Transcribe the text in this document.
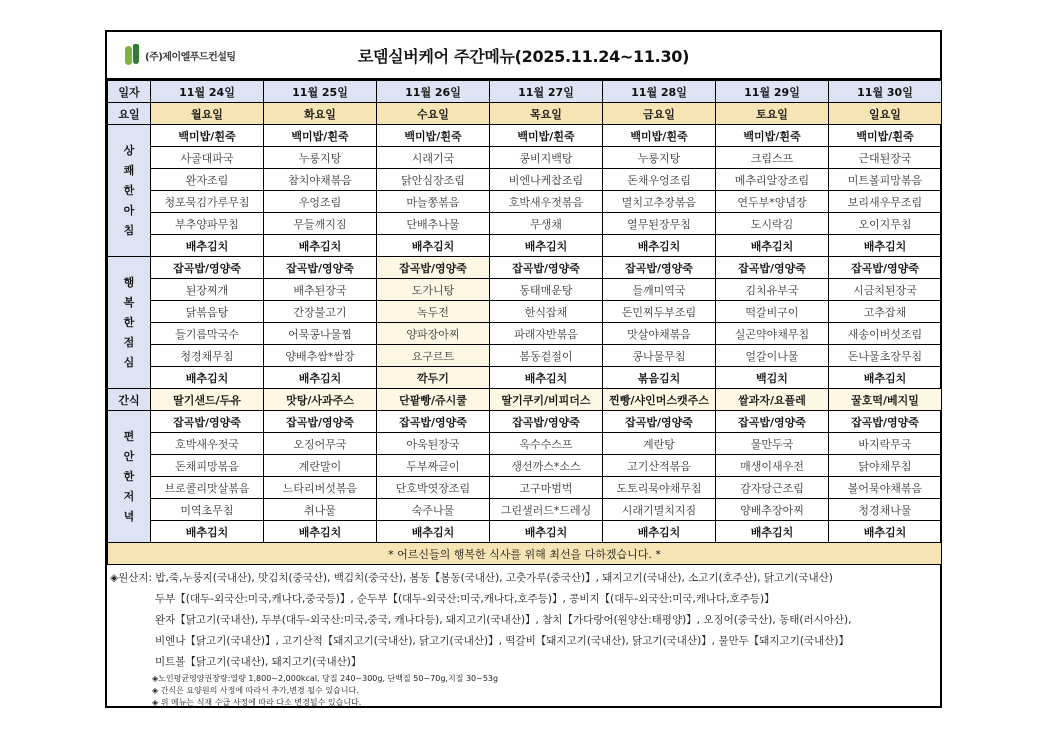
(주)제이엘푸드컨설팅	로뎀실버케어 주간메뉴(2025.11.24~11.30)
일자	11월 24일	11월 25일	11월 26일	11월 27일	11월 28일	11월 29일	11월 30일
요일	월요일	화요일	수요일	목요일	금요일	토요일	일요일
상
쾌
한
아
침	백미밥/흰죽	백미밥/흰죽	백미밥/흰죽	백미밥/흰죽	백미밥/흰죽	백미밥/흰죽	백미밥/흰죽
	사골대파국	누룽지탕	시래기국	콩비지백탕	누룽지탕	크림스프	근대된장국
	완자조림	참치야채볶음	닭안심장조림	비엔나케찹조림	돈채우엉조림	메추리알장조림	미트볼피망볶음
	청포묵김가루무침	우엉조림	마늘쫑볶음	호박새우젓볶음	멸치고추장볶음	연두부*양념장	보리새우무조림
	부추양파무침	무들깨지짐	단배추나물	무생채	열무된장무침	도시락김	오이지무침
	배추김치	배추김치	배추김치	배추김치	배추김치	배추김치	배추김치
행
복
한
점
심	잡곡밥/영양죽	잡곡밥/영양죽	잡곡밥/영양죽	잡곡밥/영양죽	잡곡밥/영양죽	잡곡밥/영양죽	잡곡밥/영양죽
	된장찌개	배추된장국	도가니탕	동태매운탕	들깨미역국	김치유부국	시금치된장국
	닭볶음탕	간장불고기	녹두전	한식잡채	돈민찌두부조림	떡갈비구이	고추잡채
	들기름막국수	어묵콩나물찜	양파장아찌	파래자반볶음	맛살야채볶음	실곤약야채무침	새송이버섯조림
	청경채무침	양배추쌈*쌈장	요구르트	봄동겉절이	콩나물무침	얼갈이나물	돈나물초장무침
	배추김치	배추김치	깍두기	배추김치	볶음김치	백김치	배추김치
간식	딸기샌드/두유	맛탕/사과주스	단팥빵/쥬시쿨	딸기쿠키/비피더스	찐빵/샤인머스캣주스	쌀과자/요플레	꿀호떡/베지밀
편
안
한
저
녁	잡곡밥/영양죽	잡곡밥/영양죽	잡곡밥/영양죽	잡곡밥/영양죽	잡곡밥/영양죽	잡곡밥/영양죽	잡곡밥/영양죽
	호박새우젓국	오징어무국	아욱된장국	옥수수스프	계란탕	물만두국	바지락무국
	돈채피망볶음	계란말이	두부짜글이	생선까스*소스	고기산적볶음	매생이새우전	닭야채무침
	브로콜리맛살볶음	느타리버섯볶음	단호박엿장조림	고구마범벅	도토리묵야채무침	감자당근조림	볼어묵야채볶음
	미역초무침	취나물	숙주나물	그린샐러드*드레싱	시래기멸치지짐	양배추장아찌	청경채나물
	배추김치	배추김치	배추김치	배추김치	배추김치	배추김치	배추김치
* 어르신들의 행복한 식사를 위해 최선을 다하겠습니다. *							
◈원산지: 밥,죽,누룽지(국내산), 맛김치(중국산), 백김치(중국산), 봄동【봄동(국내산), 고춧가루(중국산)】, 돼지고기(국내산), 소고기(호주산), 닭고기(국내산)
두부【(대두-외국산:미국,캐나다,중국등)】, 순두부【(대두-외국산:미국,캐나다,호주등)】, 콩비지【(대두-외국산:미국,캐나다,호주등)】
완자【닭고기(국내산), 두부(대두-외국산:미국,중국, 캐나다등), 돼지고기(국내산)】, 참치【가다랑어(원양산:태평양)】, 오징어(중국산), 동태(러시아산),
비엔나【닭고기(국내산)】, 고기산적【돼지고기(국내산), 닭고기(국내산)】, 떡갈비【돼지고기(국내산), 닭고기(국내산)】, 물만두【돼지고기(국내산)】
미트볼【닭고기(국내산), 돼지고기(국내산)】
◈노인평균영양권장량:열량 1,800~2,000kcal, 당질 240~300g, 단백질 50~70g,지질 30~53g
◈ 간식은 요양원의 사정에 따라서 추가,변경 될수 있습니다.
◈ 위 메뉴는 식재 수급 사정에 따라 다소 변경될수 있습니다.
